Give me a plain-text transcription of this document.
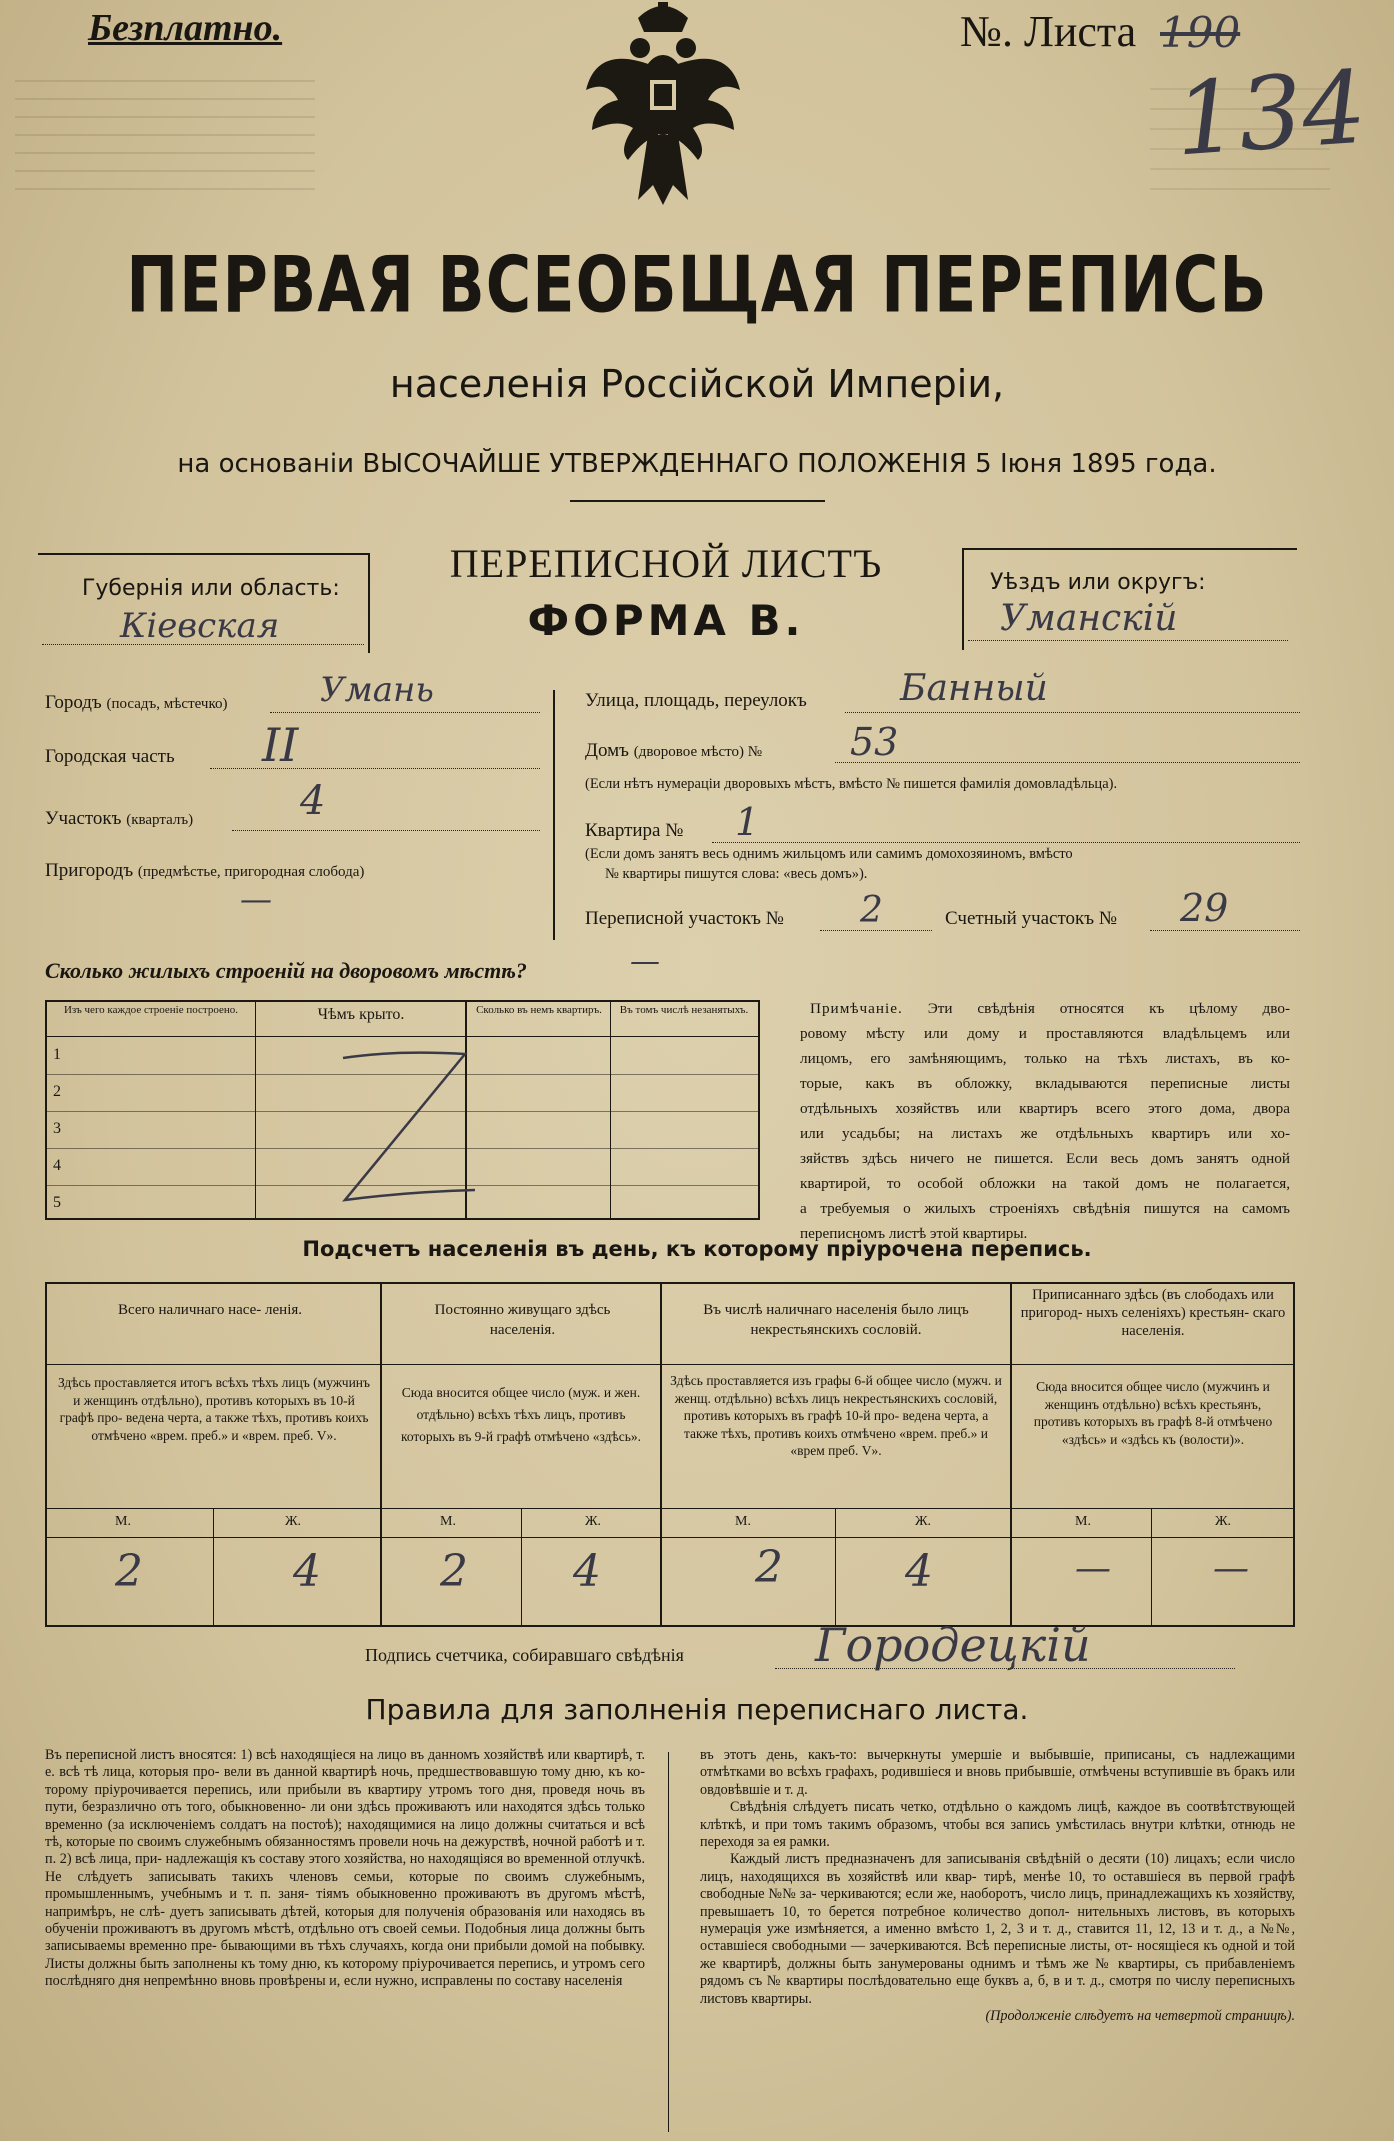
Безплатно.	№. Листа 190
134
ПЕРВАЯ ВСЕОБЩАЯ ПЕРЕПИСЬ
населенія Россійской Имперіи,
на основаніи ВЫСОЧАЙШЕ УТВЕРЖДЕННАГО ПОЛОЖЕНІЯ 5 Іюня 1895 года.
Губернія или область:
Кіевская
ПЕРЕПИСНОЙ ЛИСТЪ
ФОРМА В.
Уѣздъ или округъ:
Уманскій
Городъ (посадъ, мѣстечко)	Умань
Городская часть II
Участокъ (кварталъ)	4
Пригородъ (предмѣстье, пригородная слобода)
—
Улица, площадь, переулокъ	Банный
Домъ (дворовое мѣсто) № 53
(Если нѣтъ нумераціи дворовыхъ мѣстъ, вмѣсто № пишется фамилія домовладѣльца).
Квартира № 1
(Если домъ занятъ весь однимъ жильцомъ или самимъ домохозяиномъ, вмѣсто
№ квартиры пишутся слова: «весь домъ»).
Переписной участокъ № 2	Счетный участокъ № 29
Сколько жилыхъ строеній на дворовомъ мѣстѣ?	—
Изъ чего каждое строеніе построено.	Чѣмъ крыто.	Сколько въ немъ квартиръ.	Въ томъ числѣ незанятыхъ.
1
2
3
4
5
Примѣчаніе. Эти свѣдѣнія относятся къ цѣлому дво-
ровому мѣсту или дому и проставляются владѣльцемъ или
лицомъ, его замѣняющимъ, только на тѣхъ листахъ, въ ко-
торые, какъ въ обложку, вкладываются переписные листы
отдѣльныхъ хозяйствъ или квартиръ всего этого дома, двора
или усадьбы; на листахъ же отдѣльныхъ квартиръ или хо-
зяйствъ здѣсь ничего не пишется. Если весь домъ занятъ одной
квартирой, то особой обложки на такой домъ не полагается,
а требуемыя о жилыхъ строеніяхъ свѣдѣнія пишутся на самомъ
переписномъ листѣ этой квартиры.
Подсчетъ населенія въ день, къ которому пріурочена перепись.
Всего наличнаго насе- ленія.
Здѣсь проставляется итогъ всѣхъ тѣхъ лицъ (мужчинъ и женщинъ отдѣльно), противъ которыхъ въ 10-й графѣ про- ведена черта, а также тѣхъ, противъ коихъ отмѣчено «врем. преб.» и «врем. преб. V».
М.	Ж.
2	4
Постоянно живущаго здѣсь населенія.
Сюда вносится общее число (муж. и жен. отдѣльно) всѣхъ тѣхъ лицъ, противъ которыхъ въ 9-й графѣ отмѣчено «здѣсь».
М.	Ж.
2 4
Въ числѣ наличнаго населенія было лицъ некрестьянскихъ сословій.
Здѣсь проставляется изъ графы 6-й общее число (мужч. и женщ. отдѣльно) всѣхъ лицъ некрестьянскихъ сословій, противъ которыхъ въ графѣ 10-й про- ведена черта, а также тѣхъ, противъ коихъ отмѣчено «врем. преб.» и «врем преб. V».
М.	Ж.
2	4
Приписаннаго здѣсь (въ слободахъ или пригород- ныхъ селеніяхъ) крестьян- скаго населенія.
Сюда вносится общее число (мужчинъ и женщинъ отдѣльно) всѣхъ крестьянъ, противъ которыхъ въ графѣ 8-й отмѣчено «здѣсь» и «здѣсь къ (волости)».
М.	Ж.
—	—
Подпись счетчика, собиравшаго свѣдѣнія	Городецкій
Правила для заполненія переписнаго листа.
Въ переписной листъ вносятся: 1) всѣ находящіеся на лицо въ данномъ хозяйствѣ или квартирѣ, т. е. всѣ тѣ лица, которыя про- вели въ данной квартирѣ ночь, предшествовавшую тому дню, къ ко- торому пріурочивается перепись, или прибыли въ квартиру утромъ того дня, проведя ночь въ пути, безразлично отъ того, обыкновенно- ли они здѣсь проживаютъ или находятся здѣсь только временно (за исключеніемъ солдатъ на постоѣ); находящимися на лицо должны считаться и всѣ тѣ, которые по своимъ служебнымъ обязанностямъ провели ночь на дежурствѣ, ночной работѣ и т. п. 2) всѣ лица, при- надлежащія къ составу этого хозяйства, но находящіяся во временной отлучкѣ. Не слѣдуетъ записывать такихъ членовъ семьи, которые по своимъ служебнымъ, промышленнымъ, учебнымъ и т. п. заня- тіямъ обыкновенно проживаютъ въ другомъ мѣстѣ, напримѣръ, не слѣ- дуетъ записывать дѣтей, которыя для полученія образованія или находясь въ обученіи проживаютъ въ другомъ мѣстѣ, отдѣльно отъ своей семьи. Подобныя лица должны быть записываемы временно пре- бывающими въ тѣхъ случаяхъ, когда они прибыли домой на побывку. Листы должны быть заполнены къ тому дню, къ которому пріурочивается перепись, и утромъ сего послѣдняго дня непремѣнно вновь провѣрены и, если нужно, исправлены по составу населенія
въ этотъ день, какъ-то: вычеркнуты умершіе и выбывшіе, приписаны, съ надлежащими отмѣтками во всѣхъ графахъ, родившіеся и вновь прибывшіе, отмѣчены вступившіе въ бракъ или овдовѣвшіе и т. д.
Свѣдѣнія слѣдуетъ писать четко, отдѣльно о каждомъ лицѣ, каждое въ соотвѣтствующей клѣткѣ, и при томъ такимъ образомъ, чтобы вся запись умѣстилась внутри клѣтки, отнюдь не переходя за ея рамки.
Каждый листъ предназначенъ для записыванія свѣдѣній о десяти (10) лицахъ; если число лицъ, находящихся въ хозяйствѣ или квар- тирѣ, менѣе 10, то оставшіеся въ первой графѣ свободные №№ за- черкиваются; если же, наоборотъ, число лицъ, принадлежащихъ къ хозяйству, превышаетъ 10, то берется потребное количество допол- нительныхъ листовъ, въ которыхъ нумерація уже измѣняется, а именно вмѣсто 1, 2, 3 и т. д., ставится 11, 12, 13 и т. д., а №№, оставшіеся свободными — зачеркиваются. Всѣ переписные листы, от- носящіеся къ одной и той же квартирѣ, должны быть занумерованы однимъ и тѣмъ же № квартиры, съ прибавленіемъ рядомъ съ № квартиры послѣдовательно еще буквъ а, б, в и т. д., смотря по числу переписныхъ листовъ квартиры.
(Продолженіе слѣдуетъ на четвертой страницѣ).
